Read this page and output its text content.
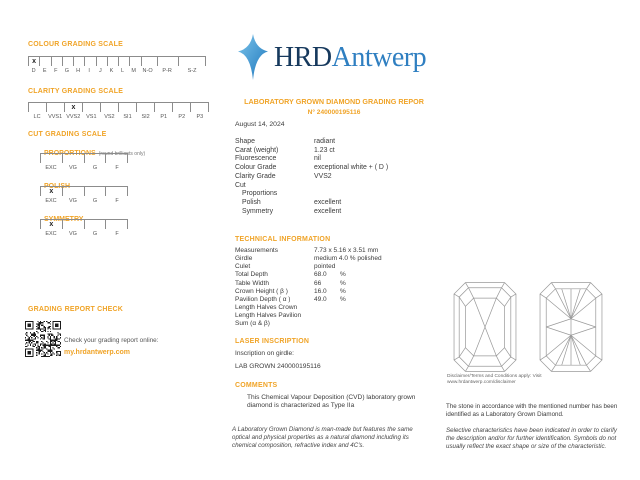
COLOUR GRADING SCALE
x
D	E	F	G	H	I	J	K	L	M	N-O	P-R	S-Z
CLARITY GRADING SCALE
x
LC	VVS1 VVS2	VS1	VS2	SI1	SI2	P1	P2	P3
CUT GRADING SCALE
PROPORTIONS (round brilliants only)
EXC	VG	G	F
POLISH
x
EXC	VG	G	F
SYMMETRY
x
EXC	VG	G	F
GRADING REPORT CHECK
Check your grading report online:
my.hrdantwerp.com
HRDAntwerp
LABORATORY GROWN DIAMOND GRADING REPOR
N° 240000195116
August 14, 2024
Shape	radiant
Carat (weight)	1.23 ct
Fluorescence	nil
Colour Grade	exceptional white + ( D )
Clarity Grade	VVS2
Cut
Proportions
Polish	excellent
Symmetry	excellent
TECHNICAL INFORMATION
Measurements	7.73 x 5.16 x 3.51 mm
Girdle	medium 4.0 % polished
Culet	pointed
Total Depth	68.0	%
Table Width	66	%
Crown Height ( β )	16.0	%
Pavilion Depth ( α )	49.0	%
Length Halves Crown
Length Halves Pavilion
Sum (α & β)
LASER INSCRIPTION
Inscription on girdle:
LAB GROWN 240000195116
COMMENTS
This Chemical Vapour Deposition (CVD) laboratory grown diamond is characterized as Type IIa
A Laboratory Grown Diamond is man-made but features the same optical and physical properties as a natural diamond including its chemical composition, refractive index and 4C's.
Disclaimer/Terms and Conditions apply: Visit
www.hrdantwerp.com/disclaimer
The stone in accordance with the mentioned number has been identified as a Laboratory Grown Diamond.
Selective characteristics have been indicated in order to clarify the description and/or for further identification. Symbols do not usually reflect the exact shape or size of the characteristic.
